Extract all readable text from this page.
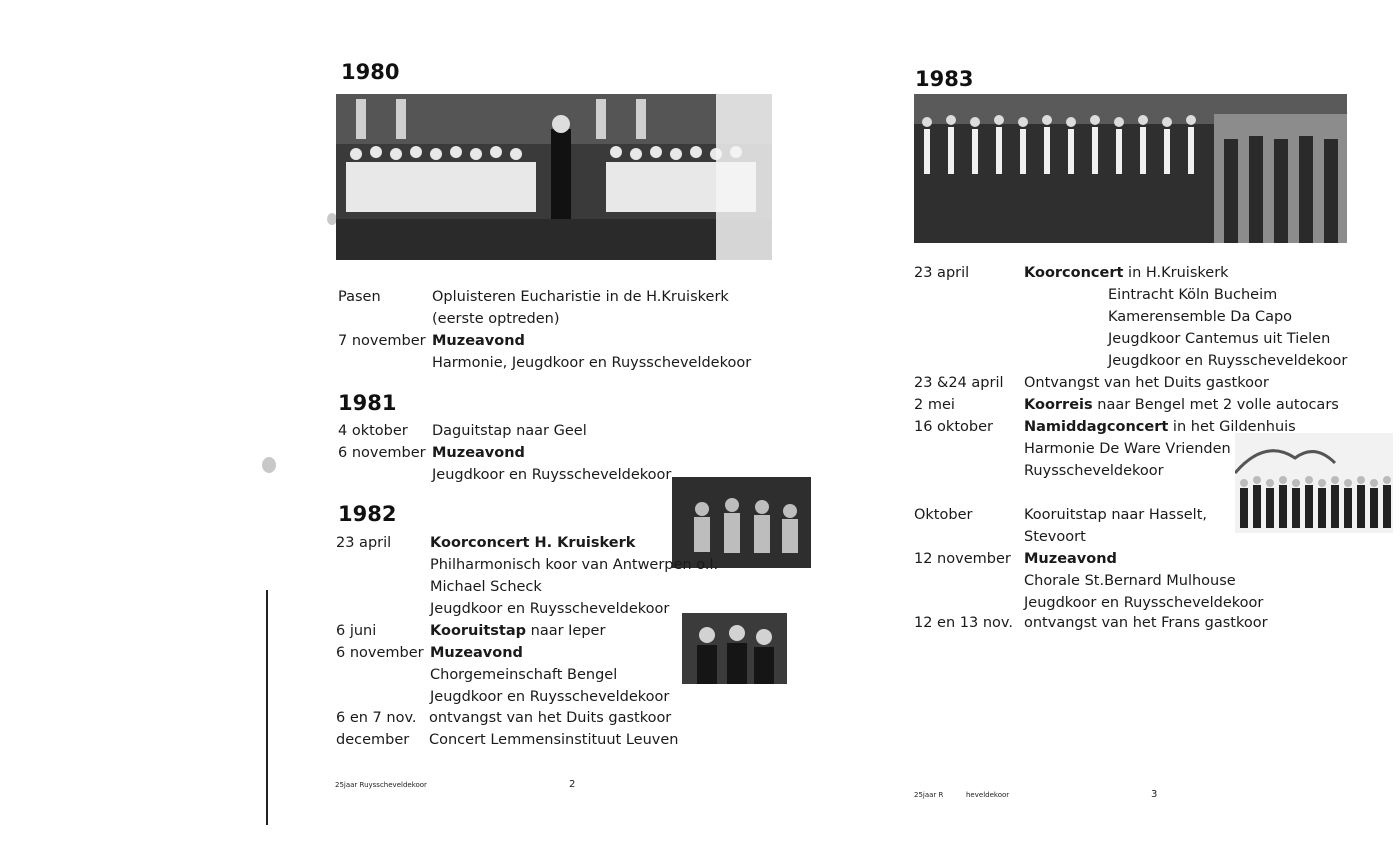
1980
Pasen	Opluisteren Eucharistie in de H.Kruiskerk
(eerste optreden)
7 november Muzeavond
Harmonie, Jeugdkoor en Ruysscheveldekoor
1981
4 oktober Daguitstap naar Geel
6 november Muzeavond
Jeugdkoor en Ruysscheveldekoor
1982
23 april	Koorconcert H. Kruiskerk
Philharmonisch koor van Antwerpen o.l.
Michael Scheck
Jeugdkoor en Ruysscheveldekoor
6 juni	Kooruitstap naar Ieper
6 november Muzeavond
Chorgemeinschaft Bengel
Jeugdkoor en Ruysscheveldekoor
6 en 7 nov. ontvangst van het Duits gastkoor
december Concert Lemmensinstituut Leuven
25jaar Ruysscheveldekoor	2
1983
23 april	Koorconcert in H.Kruiskerk
Eintracht Köln Bucheim
Kamerensemble Da Capo
Jeugdkoor Cantemus uit Tielen
Jeugdkoor en Ruysscheveldekoor
23 &24 april Ontvangst van het Duits gastkoor
2 mei	Koorreis naar Bengel met 2 volle autocars
16 oktober Namiddagconcert in het Gildenhuis
Harmonie De Ware Vrienden
Ruysscheveldekoor
Oktober	Kooruitstap naar Hasselt,
Stevoort
12 november Muzeavond
Chorale St.Bernard Mulhouse
Jeugdkoor en Ruysscheveldekoor
12 en 13 nov. ontvangst van het Frans gastkoor
25jaar R	heveldekoor	3
